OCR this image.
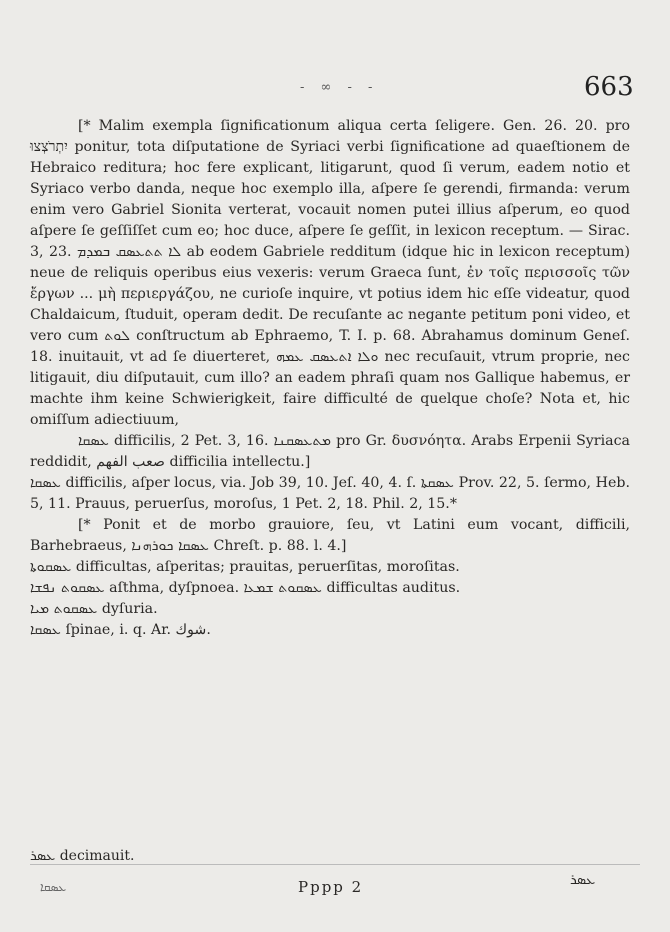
- ∞ - -	663

[* Malim exempla ſignificationum aliqua certa ſeligere. Gen. 26. 20. pro יִתְרֹצְצוּ ponitur, tota diſputatione de Syriaci verbi ſignificatione ad quaeſtionem de Hebraico reditura; hoc fere explicant, litigarunt, quod ſi verum, eadem notio et Syriaco verbo danda, neque hoc exemplo illa, aſpere ſe gerendi, firmanda: verum enim vero Gabriel Sionita verterat, vocauit nomen putei illius aſperum, eo quod aſpere ſe geſſiſſet cum eo; hoc duce, aſpere ſe geſſit, in lexicon receptum. — Sirac. 3, 23. ܠܐ ܬܬܥܣܩ ܒܡܕܡ ab eodem Gabriele redditum (idque hic in lexicon receptum) neue de reliquis operibus eius vexeris: verum Graeca ſunt, ἐν τοῖς περισσοῖς τῶν ἔργων ... μὴ περιεργάζου, ne curioſe inquire, vt potius idem hic eſſe videatur, quod Chaldaicum, ſtuduit, operam dedit. De recuſante ac negante petitum poni video, et vero cum ܠܘܬ conſtructum ab Ephraemo, T. I. p. 68. Abrahamus dominum Geneſ. 18. inuitauit, vt ad ſe diuerteret, ܘܠܐ ܐܬܥܣܩ ܥܡܗ nec recuſauit, vtrum proprie, nec litigauit, diu diſputauit, cum illo? an eadem phraſi quam nos Gallique habemus, er machte ihm keine Schwierigkeit, faire difficulté de quelque choſe? Nota et, hic omiſſum adiectiuum,

ܥܣܩܐ difficilis, 2 Pet. 3, 16. ܡܬܥܣܩܢܐ pro Gr. δυσνόητα. Arabs Erpenii Syriaca reddidit, صعب الفهم difficilia intellectu.]

ܥܣܩܐ difficilis, aſper locus, via. Job 39, 10. Jeſ. 40, 4. ſ. ܥܣܩܬܐ Prov. 22, 5. ſermo, Heb. 5, 11. Prauus, peruerſus, moroſus, 1 Pet. 2, 18. Phil. 2, 15.*

[* Ponit et de morbo grauiore, ſeu, vt Latini eum vocant, difficili, Barhebraeus, ܥܣܩܐ ܟܘܪܗܢܐ Chreſt. p. 88. l. 4.]

ܥܣܩܘܬܐ difficultas, aſperitas; prauitas, peruerſitas, moroſitas.

ܥܣܩܘܬ ܢܦܫܐ aſthma, dyſpnoea. ܥܣܩܘܬ ܫܡܥܐ difficultas auditus.

ܥܣܩܘܬ ܡܝܐ dyſuria.

ܥܣܩܐ ſpinae, i. q. Ar. شوك.

ܥܣܪ decimauit.
ܥܣܩܐ	Pppp 2	ܥܣܪ
